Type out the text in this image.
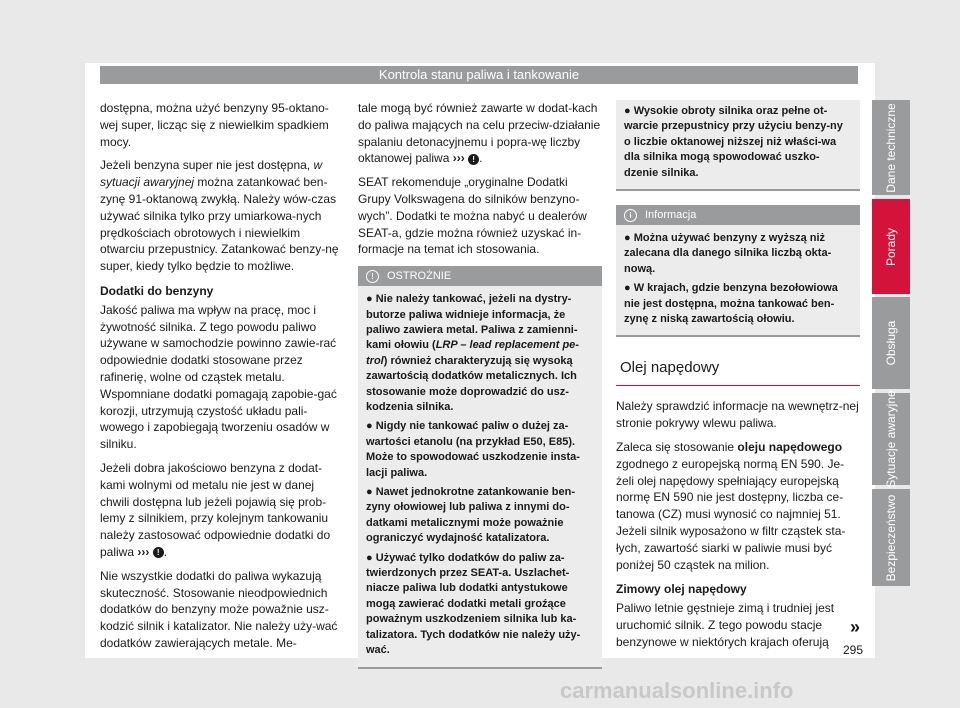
Kontrola stanu paliwa i tankowanie

dostępna, można użyć benzyny 95-oktano-wej super, licząc się z niewielkim spadkiem mocy.

Jeżeli benzyna super nie jest dostępna, w sytuacji awaryjnej można zatankować ben-zynę 91-oktanową zwykłą. Należy wów-czas używać silnika tylko przy umiarkowa-nych prędkościach obrotowych i niewielkim otwarciu przepustnicy. Zatankować benzy-nę super, kiedy tylko będzie to możliwe.

Dodatki do benzyny

Jakość paliwa ma wpływ na pracę, moc i żywotność silnika. Z tego powodu paliwo używane w samochodzie powinno zawie-rać odpowiednie dodatki stosowane przez rafinerię, wolne od cząstek metalu. Wspomniane dodatki pomagają zapobie-gać korozji, utrzymują czystość układu pali-wowego i zapobiegają tworzeniu osadów w silniku.

Jeżeli dobra jakościowo benzyna z dodat-kami wolnymi od metalu nie jest w danej chwili dostępna lub jeżeli pojawią się prob-lemy z silnikiem, przy kolejnym tankowaniu należy zastosować odpowiednie dodatki do paliwa ››› ! .

Nie wszystkie dodatki do paliwa wykazują skuteczność. Stosowanie nieodpowiednich dodatków do benzyny może powažnie usz-kodzić silnik i katalizator. Nie należy uży-wać dodatków zawierających metale. Me-

tale mogą być również zawarte w dodat-kach do paliwa mających na celu przeciw-działanie spalaniu detonacyjnemu i popra-wę liczby oktanowej paliwa ››› ! .

SEAT rekomenduje „oryginalne Dodatki Grupy Volkswagena do silników benzyno-wych”. Dodatki te można nabyć u dealerów SEAT-a, gdzie można również uzyskać in-formacje na temat ich stosowania.

! OSTROŻNIE
● Nie należy tankować, jeżeli na dystry-butorze paliwa widnieje informacja, że paliwo zawiera metal. Paliwa z zamienni-kami ołowiu (LRP – lead replacement pe-trol) również charakteryzują się wysoką zawartością dodatków metalicznych. Ich stosowanie może doprowadzić do usz-kodzenia silnika.
● Nigdy nie tankować paliw o dużej za-wartości etanolu (na przykład E50, E85). Może to spowodować uszkodzenie insta-lacji paliwa.
● Nawet jednokrotne zatankowanie ben-zyny ołowiowej lub paliwa z innymi do-datkami metalicznymi może poważnie ograniczyć wydajność katalizatora.
● Używać tylko dodatków do paliw za-twierdzonych przez SEAT-a. Uszlachet-niacze paliwa lub dodatki antystukowe mogą zawierać dodatki metali groźące poważnym uszkodzeniem silnika lub ka-talizatora. Tych dodatków nie należy uży-wać.
● Wysokie obroty silnika oraz pełne ot-warcie przepustnicy przy użyciu benzy-ny o liczbie oktanowej niższej niż właści-wa dla silnika mogą spowodować uszko-dzenie silnika.
i Informacja
● Można używać benzyny z wyższą niż zalecana dla danego silnika liczbą okta-nową.
● W krajach, gdzie benzyna bezołowiowa nie jest dostępna, można tankować ben-zynę z niską zawartością ołowiu.
Olej napędowy

Należy sprawdzić informacje na wewnętrz-nej stronie pokrywy wlewu paliwa.

Zaleca się stosowanie oleju napędowego zgodnego z europejską normą EN 590. Je-żeli olej napędowy spełniający europejską normę EN 590 nie jest dostępny, liczba ce-tanowa (CZ) musi wynosić co najmniej 51. Jeżeli silnik wyposażono w filtr cząstek sta-łych, zawartość siarki w paliwie musi być poniżej 50 cząstek na milion.

Zimowy olej napędowy

Paliwo letnie gęstnieje zimą i trudniej jest uruchomić silnik. Z tego powodu stacje benzynowe w niektórych krajach oferują

Dane techniczne
Porady
Obsługa
Sytuacje awaryjne
Bezpieczeństwo
»
295
carmanualsonline.info
